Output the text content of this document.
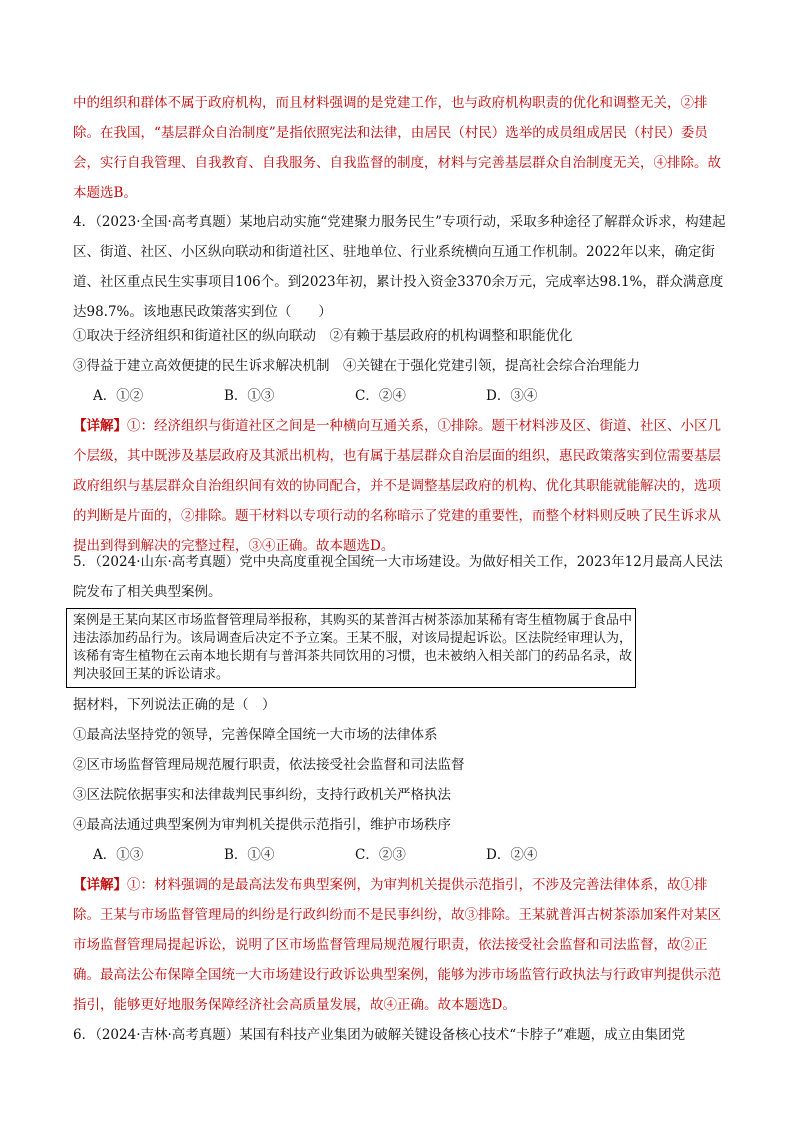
中的组织和群体不属于政府机构，而且材料强调的是党建工作，也与政府机构职责的优化和调整无关，②排除。在我国，“基层群众自治制度”是指依照宪法和法律，由居民（村民）选举的成员组成居民（村民）委员会，实行自我管理、自我教育、自我服务、自我监督的制度，材料与完善基层群众自治制度无关，④排除。故本题选B。

4．（2023·全国·高考真题）某地启动实施“党建聚力服务民生”专项行动，采取多种途径了解群众诉求，构建起区、街道、社区、小区纵向联动和街道社区、驻地单位、行业系统横向互通工作机制。2022年以来，确定街道、社区重点民生实事项目106个。到2023年初，累计投入资金3370余万元，完成率达98.1%，群众满意度达98.7%。该地惠民政策落实到位（　　）

①取决于经济组织和街道社区的纵向联动　②有赖于基层政府的机构调整和职能优化
③得益于建立高效便捷的民生诉求解决机制　④关键在于强化党建引领，提高社会综合治理能力
A．①②	B．①③	C．②④	D．③④

【详解】①：经济组织与街道社区之间是一种横向互通关系，①排除。题干材料涉及区、街道、社区、小区几个层级，其中既涉及基层政府及其派出机构，也有属于基层群众自治层面的组织，惠民政策落实到位需要基层政府组织与基层群众自治组织间有效的协同配合，并不是调整基层政府的机构、优化其职能就能解决的，选项的判断是片面的，②排除。题干材料以专项行动的名称暗示了党建的重要性，而整个材料则反映了民生诉求从提出到得到解决的完整过程，③④正确。故本题选D。

5．（2024·山东·高考真题）党中央高度重视全国统一大市场建设。为做好相关工作，2023年12月最高人民法院发布了相关典型案例。

案例是王某向某区市场监督管理局举报称，其购买的某普洱古树茶添加某稀有寄生植物属于食品中违法添加药品行为。该局调查后决定不予立案。王某不服，对该局提起诉讼。区法院经审理认为，该稀有寄生植物在云南本地长期有与普洱茶共同饮用的习惯，也未被纳入相关部门的药品名录，故判决驳回王某的诉讼请求。
据材料，下列说法正确的是（　）
①最高法坚持党的领导，完善保障全国统一大市场的法律体系
②区市场监督管理局规范履行职责，依法接受社会监督和司法监督
③区法院依据事实和法律裁判民事纠纷，支持行政机关严格执法
④最高法通过典型案例为审判机关提供示范指引，维护市场秩序
A．①③	B．①④	C．②③	D．②④

【详解】①：材料强调的是最高法发布典型案例，为审判机关提供示范指引，不涉及完善法律体系，故①排除。王某与市场监督管理局的纠纷是行政纠纷而不是民事纠纷，故③排除。王某就普洱古树茶添加案件对某区市场监督管理局提起诉讼，说明了区市场监督管理局规范履行职责，依法接受社会监督和司法监督，故②正确。最高法公布保障全国统一大市场建设行政诉讼典型案例，能够为涉市场监管行政执法与行政审判提供示范指引，能够更好地服务保障经济社会高质量发展，故④正确。故本题选D。

6．（2024·吉林·高考真题）某国有科技产业集团为破解关键设备核心技术“卡脖子”难题，成立由集团党
